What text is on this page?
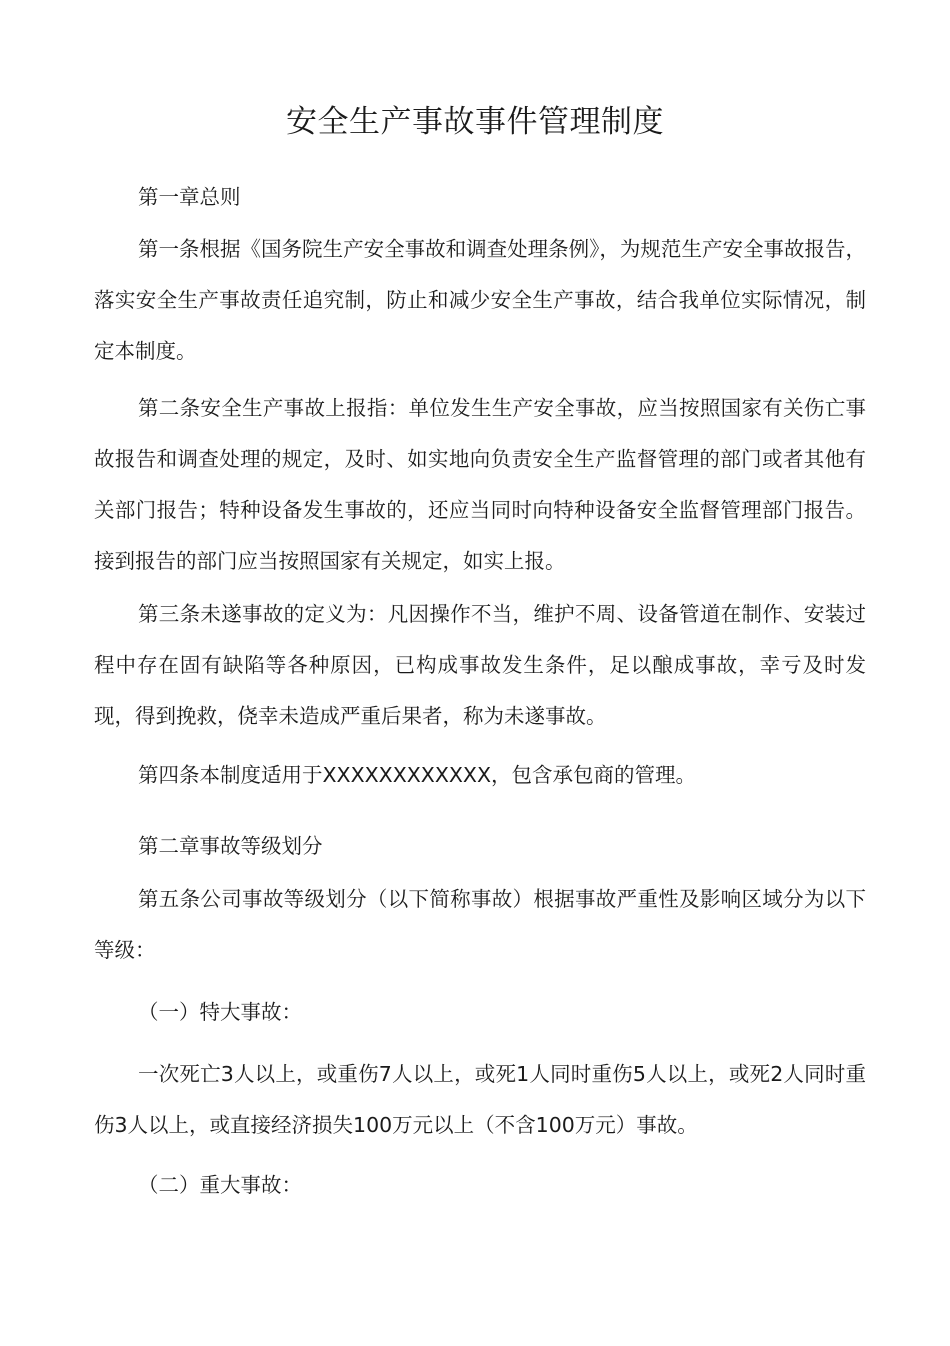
安全生产事故事件管理制度
第一章总则
第一条根据《国务院生产安全事故和调查处理条例》，为规范生产安全事故报告，落实安全生产事故责任追究制，防止和减少安全生产事故，结合我单位实际情况，制定本制度。
第二条安全生产事故上报指：单位发生生产安全事故，应当按照国家有关伤亡事故报告和调查处理的规定，及时、如实地向负责安全生产监督管理的部门或者其他有关部门报告；特种设备发生事故的，还应当同时向特种设备安全监督管理部门报告。接到报告的部门应当按照国家有关规定，如实上报。
第三条未遂事故的定义为：凡因操作不当，维护不周、设备管道在制作、安装过程中存在固有缺陷等各种原因，已构成事故发生条件，足以酿成事故，幸亏及时发现，得到挽救，侥幸未造成严重后果者，称为未遂事故。
第四条本制度适用于XXXXXXXXXXXX，包含承包商的管理。
第二章事故等级划分
第五条公司事故等级划分（以下简称事故）根据事故严重性及影响区域分为以下等级：
（一）特大事故：
一次死亡3人以上，或重伤7人以上，或死1人同时重伤5人以上，或死2人同时重伤3人以上，或直接经济损失100万元以上（不含100万元）事故。
（二）重大事故：
